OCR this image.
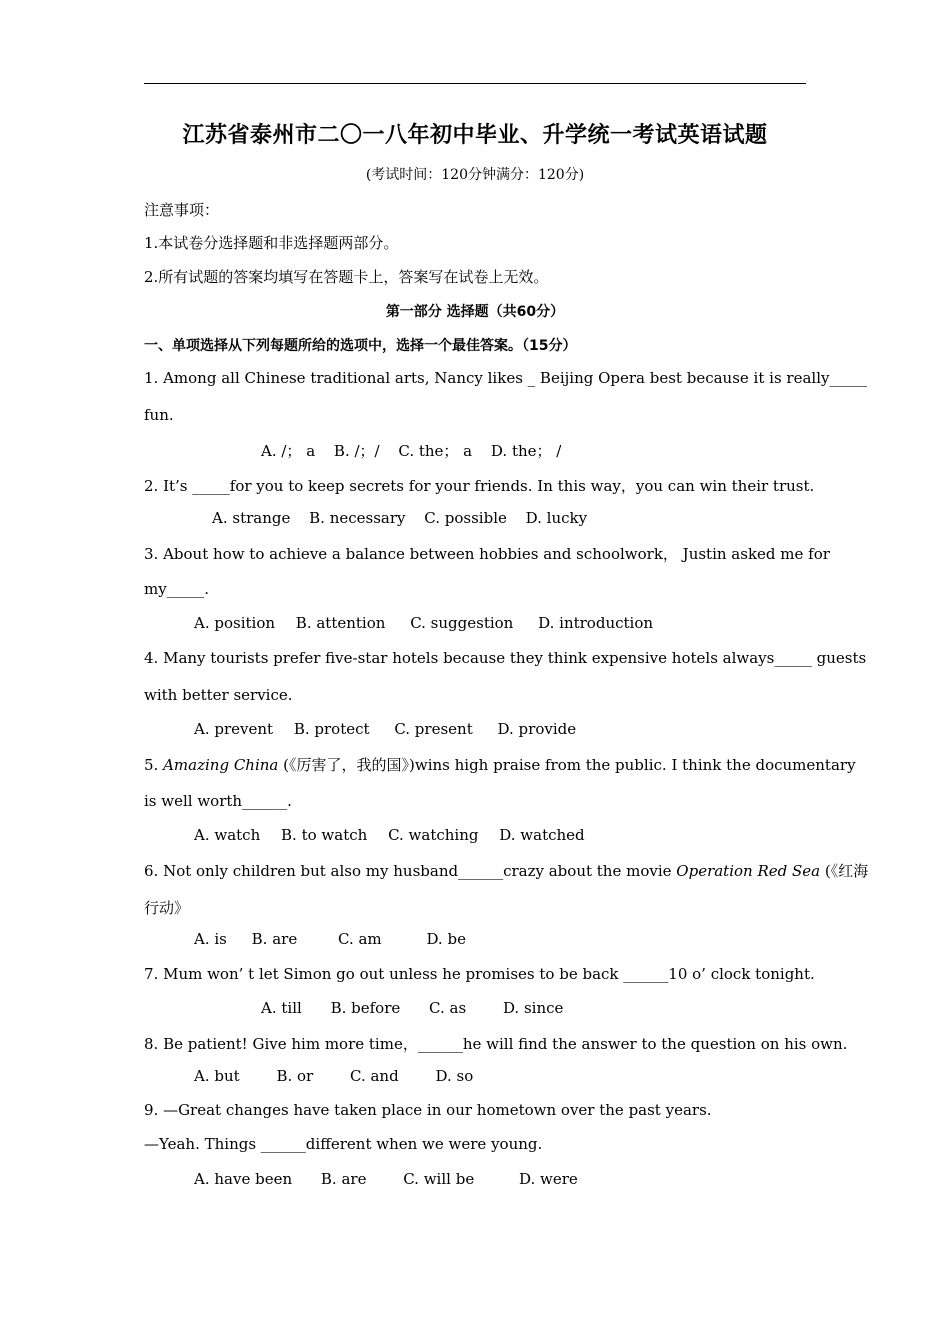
江苏省泰州市二〇一八年初中毕业、升学统一考试英语试题
(考试时间：120分钟满分：120分)
注意事项：
1.本试卷分选择题和非选择题两部分。
2.所有试题的答案均填写在答题卡上，答案写在试卷上无效。
第一部分 选择题（共60分）
一、单项选择从下列每题所给的选项中，选择一个最佳答案。（15分）
1. Among all Chinese traditional arts, Nancy likes _ Beijing Opera best because it is really_____
fun.
A. /； a B. /；/ C. the； a D. the； /
2. It’s _____for you to keep secrets for your friends. In this way，you can win their trust.
A. strange B. necessary C. possible D. lucky
3. About how to achieve a balance between hobbies and schoolwork， Justin asked me for
my_____.
A. position B. attention C. suggestion D. introduction
4. Many tourists prefer five-star hotels because they think expensive hotels always_____ guests
with better service.
A. prevent B. protect C. present D. provide
5. Amazing China (《厉害了，我的国》)wins high praise from the public. I think the documentary
is well worth______.
A. watch B. to watch C. watching D. watched
6. Not only children but also my husband______crazy about the movie Operation Red Sea (《红海
行动》
A. is B. are	C. am	D. be
7. Mum won’ t let Simon go out unless he promises to be back ______10 o’ clock tonight.
A. till B. before C. as D. since
8. Be patient! Give him more time，______he will find the answer to the question on his own.
A. but B. or C. and D. so
9. —Great changes have taken place in our hometown over the past years.
—Yeah. Things ______different when we were young.
A. have been B. are C. will be	D. were
